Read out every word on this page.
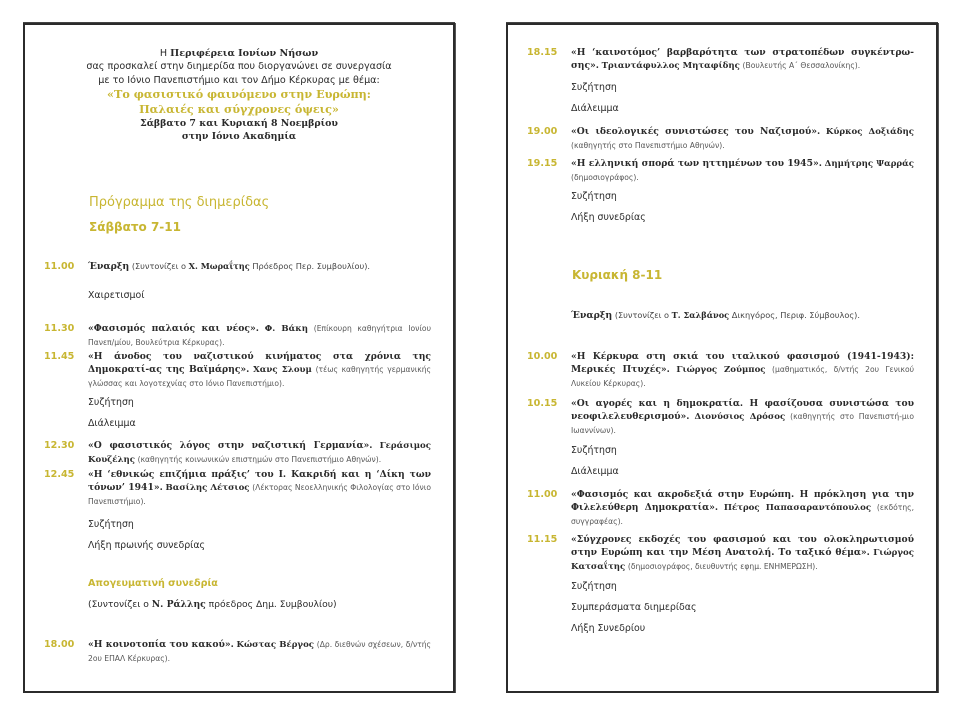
Η Περιφέρεια Ιονίων Νήσων
σας προσκαλεί στην διημερίδα που διοργανώνει σε συνεργασία
με το Ιόνιο Πανεπιστήμιο και τον Δήμο Κέρκυρας με θέμα:
«Το φασιστικό φαινόμενο στην Ευρώπη:
Παλαιές και σύγχρονες όψεις»
Σάββατο 7 και Κυριακή 8 Νοεμβρίου
στην Ιόνιο Ακαδημία
Πρόγραμμα της διημερίδας
Σάββατο 7-11
11.00	Έναρξη (Συντονίζει ο Χ. Μωραΐτης Πρόεδρος Περ. Συμβουλίου).
Χαιρετισμοί
11.30	«Φασισμός παλαιός και νέος». Φ. Βάκη (Επίκουρη καθηγήτρια Ιονίου Πανεπ/μίου, Βουλεύτρια Κέρκυρας).
11.45	«Η άνοδος του ναζιστικού κινήματος στα χρόνια της Δημοκρατί-ας της Βαϊμάρης». Χανς Σλουμ (τέως καθηγητής γερμανικής γλώσσας και λογοτεχνίας στο Ιόνιο Πανεπιστήμιο).
Συζήτηση
Διάλειμμα
12.30	«Ο φασιστικός λόγος στην ναζιστική Γερμανία». Γεράσιμος Κουζέλης (καθηγητής κοινωνικών επιστημών στο Πανεπιστήμιο Αθηνών).
12.45	«Η ‘εθνικώς επιζήμια πράξις’ του Ι. Κακριδή και η ‘Δίκη των τόνων’ 1941». Βασίλης Λέτσιος (Λέκτορας Νεοελληνικής Φιλολογίας στο Ιόνιο Πανεπιστήμιο).
Συζήτηση
Λήξη πρωινής συνεδρίας
Απογευματινή συνεδρία
(Συντονίζει ο Ν. Ράλλης πρόεδρος Δημ. Συμβουλίου)
18.00	«Η κοινοτοπία του κακού». Κώστας Βέργος (Δρ. διεθνών σχέσεων, δ/ντής 2ου ΕΠΑΛ Κέρκυρας).
18.15	«Η ‘καινοτόμος’ βαρβαρότητα των στρατοπέδων συγκέντρω-σης». Τριαντάφυλλος Μηταφίδης (Βουλευτής Α΄ Θεσσαλονίκης).
Συζήτηση
Διάλειμμα
19.00	«Οι ιδεολογικές συνιστώσες του Ναζισμού». Κύρκος Δοξιάδης (καθηγητής στο Πανεπιστήμιο Αθηνών).
19.15	«Η ελληνική σπορά των ηττημένων του 1945». Δημήτρης Ψαρράς (δημοσιογράφος).
Συζήτηση
Λήξη συνεδρίας
Κυριακή 8-11
Έναρξη (Συντονίζει ο Τ. Σαλβάνος Δικηγόρος, Περιφ. Σύμβουλος).
10.00	«Η Κέρκυρα στη σκιά του ιταλικού φασισμού (1941-1943): Μερικές Πτυχές». Γιώργος Ζούμπος (μαθηματικός, δ/ντής 2ου Γενικού Λυκείου Κέρκυρας).
10.15	«Οι αγορές και η δημοκρατία. Η φασίζουσα συνιστώσα του νεοφιλελευθερισμού». Διονύσιος Δρόσος (καθηγητής στο Πανεπιστή-μιο Ιωαννίνων).
Συζήτηση
Διάλειμμα
11.00	«Φασισμός και ακροδεξιά στην Ευρώπη. Η πρόκληση για την Φιλελεύθερη Δημοκρατία». Πέτρος Παπασαραντόπουλος (εκδότης, συγγραφέας).
11.15	«Σύγχρονες εκδοχές του φασισμού και του ολοκληρωτισμού στην Ευρώπη και την Μέση Ανατολή. Το ταξικό θέμα». Γιώργος Κατσαΐτης (δημοσιογράφος, διευθυντής εφημ. ΕΝΗΜΕΡΩΣΗ).
Συζήτηση
Συμπεράσματα διημερίδας
Λήξη Συνεδρίου
